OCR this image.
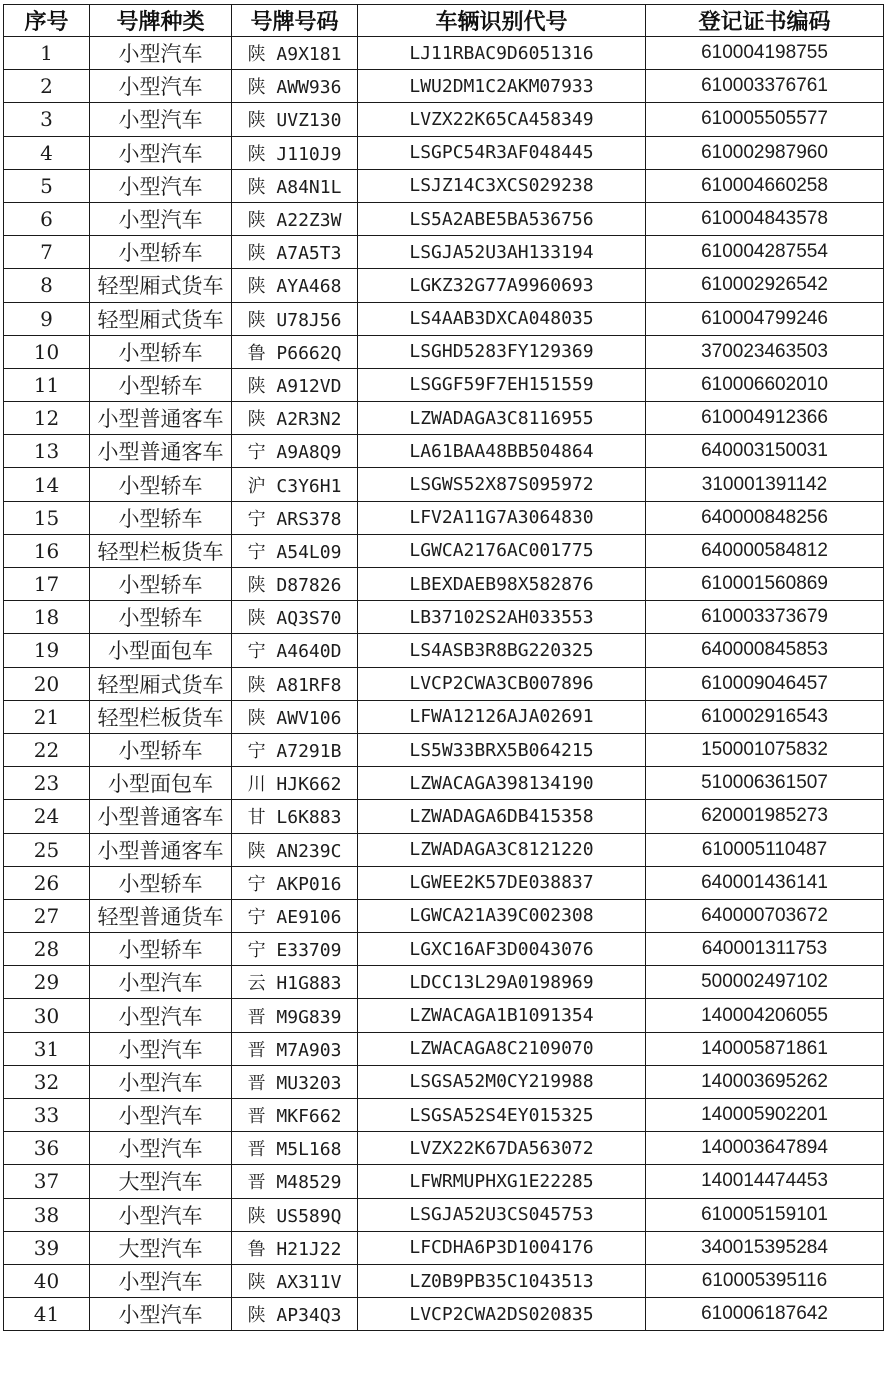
序号	号牌种类	号牌号码	车辆识别代号	登记证书编码
1	小型汽车	陕 A9X181	LJ11RBAC9D6051316	610004198755
2	小型汽车	陕 AWW936	LWU2DM1C2AKM07933	610003376761
3	小型汽车	陕 UVZ130	LVZX22K65CA458349	610005505577
4	小型汽车	陕 J110J9	LSGPC54R3AF048445	610002987960
5	小型汽车	陕 A84N1L	LSJZ14C3XCS029238	610004660258
6	小型汽车	陕 A22Z3W	LS5A2ABE5BA536756	610004843578
7	小型轿车	陕 A7A5T3	LSGJA52U3AH133194	610004287554
8	轻型厢式货车	陕 AYA468	LGKZ32G77A9960693	610002926542
9	轻型厢式货车	陕 U78J56	LS4AAB3DXCA048035	610004799246
10	小型轿车	鲁 P6662Q	LSGHD5283FY129369	370023463503
11	小型轿车	陕 A912VD	LSGGF59F7EH151559	610006602010
12	小型普通客车	陕 A2R3N2	LZWADAGA3C8116955	610004912366
13	小型普通客车	宁 A9A8Q9	LA61BAA48BB504864	640003150031
14	小型轿车	沪 C3Y6H1	LSGWS52X87S095972	310001391142
15	小型轿车	宁 ARS378	LFV2A11G7A3064830	640000848256
16	轻型栏板货车	宁 A54L09	LGWCA2176AC001775	640000584812
17	小型轿车	陕 D87826	LBEXDAEB98X582876	610001560869
18	小型轿车	陕 AQ3S70	LB37102S2AH033553	610003373679
19	小型面包车	宁 A4640D	LS4ASB3R8BG220325	640000845853
20	轻型厢式货车	陕 A81RF8	LVCP2CWA3CB007896	610009046457
21	轻型栏板货车	陕 AWV106	LFWA12126AJA02691	610002916543
22	小型轿车	宁 A7291B	LS5W33BRX5B064215	150001075832
23	小型面包车	川 HJK662	LZWACAGA398134190	510006361507
24	小型普通客车	甘 L6K883	LZWADAGA6DB415358	620001985273
25	小型普通客车	陕 AN239C	LZWADAGA3C8121220	610005110487
26	小型轿车	宁 AKP016	LGWEE2K57DE038837	640001436141
27	轻型普通货车	宁 AE9106	LGWCA21A39C002308	640000703672
28	小型轿车	宁 E33709	LGXC16AF3D0043076	640001311753
29	小型汽车	云 H1G883	LDCC13L29A0198969	500002497102
30	小型汽车	晋 M9G839	LZWACAGA1B1091354	140004206055
31	小型汽车	晋 M7A903	LZWACAGA8C2109070	140005871861
32	小型汽车	晋 MU3203	LSGSA52M0CY219988	140003695262
33	小型汽车	晋 MKF662	LSGSA52S4EY015325	140005902201
36	小型汽车	晋 M5L168	LVZX22K67DA563072	140003647894
37	大型汽车	晋 M48529	LFWRMUPHXG1E22285	140014474453
38	小型汽车	陕 US589Q	LSGJA52U3CS045753	610005159101
39	大型汽车	鲁 H21J22	LFCDHA6P3D1004176	340015395284
40	小型汽车	陕 AX311V	LZ0B9PB35C1043513	610005395116
41	小型汽车	陕 AP34Q3	LVCP2CWA2DS020835	610006187642
